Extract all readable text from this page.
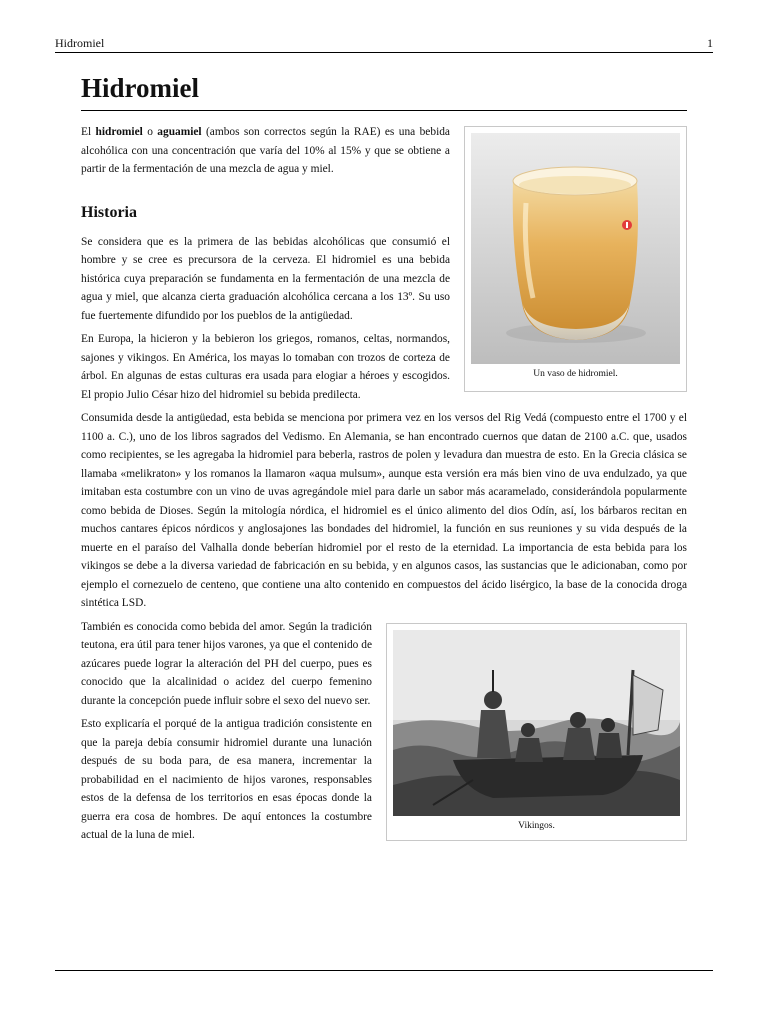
Hidromiel	1
Hidromiel
Un vaso de hidromiel.

El hidromiel o aguamiel (ambos son correctos según la RAE) es una bebida alcohólica con una concentración que varía del 10% al 15% y que se obtiene a partir de la fermentación de una mezcla de agua y miel.

Historia

Se considera que es la primera de las bebidas alcohólicas que consumió el hombre y se cree es precursora de la cerveza. El hidromiel es una bebida histórica cuya preparación se fundamenta en la fermentación de una mezcla de agua y miel, que alcanza cierta graduación alcohólica cercana a los 13º. Su uso fue fuertemente difundido por los pueblos de la antigüedad.

En Europa, la hicieron y la bebieron los griegos, romanos, celtas, normandos, sajones y vikingos. En América, los mayas lo tomaban con trozos de corteza de árbol. En algunas de estas culturas era usada para elogiar a héroes y escogidos. El propio Julio César hizo del hidromiel su bebida predilecta.

Consumida desde la antigüedad, esta bebida se menciona por primera vez en los versos del Rig Vedá (compuesto entre el 1700 y el 1100 a. C.), uno de los libros sagrados del Vedismo. En Alemania, se han encontrado cuernos que datan de 2100 a.C. que, usados como recipientes, se les agregaba la hidromiel para beberla, rastros de polen y levadura dan muestra de esto. En la Grecia clásica se llamaba «melikraton» y los romanos la llamaron «aqua mulsum», aunque esta versión era más bien vino de uva endulzado, ya que imitaban esta costumbre con un vino de uvas agregándole miel para darle un sabor más acaramelado, considerándola popularmente como bebida de Dioses. Según la mitología nórdica, el hidromiel es el único alimento del dios Odín, así, los bárbaros recitan en muchos cantares épicos nórdicos y anglosajones las bondades del hidromiel, la función en sus reuniones y su vida después de la muerte en el paraíso del Valhalla donde beberían hidromiel por el resto de la eternidad. La importancia de esta bebida para los vikingos se debe a la diversa variedad de fabricación en su bebida, y en algunos casos, las sustancias que le adicionaban, como por ejemplo el cornezuelo de centeno, que contiene una alto contenido en compuestos del ácido lisérgico, la base de la conocida droga sintética LSD.

Vikingos.

También es conocida como bebida del amor. Según la tradición teutona, era útil para tener hijos varones, ya que el contenido de azúcares puede lograr la alteración del PH del cuerpo, pues es conocido que la alcalinidad o acidez del cuerpo femenino durante la concepción puede influir sobre el sexo del nuevo ser.

Esto explicaría el porqué de la antigua tradición consistente en que la pareja debía consumir hidromiel durante una lunación después de su boda para, de esa manera, incrementar la probabilidad en el nacimiento de hijos varones, responsables estos de la defensa de los territorios en esas épocas donde la guerra era cosa de hombres. De aquí entonces la costumbre actual de la luna de miel.
